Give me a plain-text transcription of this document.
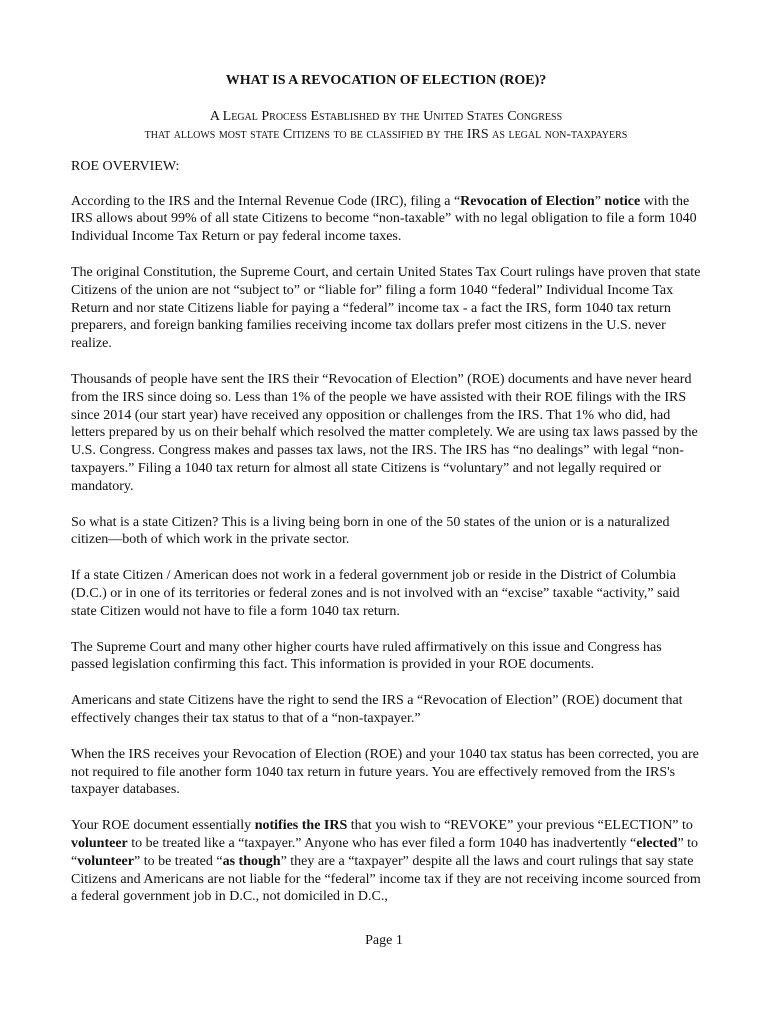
WHAT IS A REVOCATION OF ELECTION (ROE)?
A Legal Process Established by the United States Congress
that allows most state Citizens to be classified by the IRS as legal non-taxpayers
ROE OVERVIEW:

According to the IRS and the Internal Revenue Code (IRC), filing a “Revocation of Election” notice with the IRS allows about 99% of all state Citizens to become “non-taxable” with no legal obligation to file a form 1040 Individual Income Tax Return or pay federal income taxes.

The original Constitution, the Supreme Court, and certain United States Tax Court rulings have proven that state Citizens of the union are not “subject to” or “liable for” filing a form 1040 “federal” Individual Income Tax Return and nor state Citizens liable for paying a “federal” income tax - a fact the IRS, form 1040 tax return preparers, and foreign banking families receiving income tax dollars prefer most citizens in the U.S. never realize.

Thousands of people have sent the IRS their “Revocation of Election” (ROE) documents and have never heard from the IRS since doing so. Less than 1% of the people we have assisted with their ROE filings with the IRS since 2014 (our start year) have received any opposition or challenges from the IRS. That 1% who did, had letters prepared by us on their behalf which resolved the matter completely. We are using tax laws passed by the U.S. Congress. Congress makes and passes tax laws, not the IRS. The IRS has “no dealings” with legal “non-taxpayers.” Filing a 1040 tax return for almost all state Citizens is “voluntary” and not legally required or mandatory.

So what is a state Citizen? This is a living being born in one of the 50 states of the union or is a naturalized citizen—both of which work in the private sector.

If a state Citizen / American does not work in a federal government job or reside in the District of Columbia (D.C.) or in one of its territories or federal zones and is not involved with an “excise” taxable “activity,” said state Citizen would not have to file a form 1040 tax return.

The Supreme Court and many other higher courts have ruled affirmatively on this issue and Congress has passed legislation confirming this fact. This information is provided in your ROE documents.

Americans and state Citizens have the right to send the IRS a “Revocation of Election” (ROE) document that effectively changes their tax status to that of a “non-taxpayer.”

When the IRS receives your Revocation of Election (ROE) and your 1040 tax status has been corrected, you are not required to file another form 1040 tax return in future years. You are effectively removed from the IRS's taxpayer databases.

Your ROE document essentially notifies the IRS that you wish to “REVOKE” your previous “ELECTION” to volunteer to be treated like a “taxpayer.” Anyone who has ever filed a form 1040 has inadvertently “elected” to “volunteer” to be treated “as though” they are a “taxpayer” despite all the laws and court rulings that say state Citizens and Americans are not liable for the “federal” income tax if they are not receiving income sourced from a federal government job in D.C., not domiciled in D.C.,

Page 1
